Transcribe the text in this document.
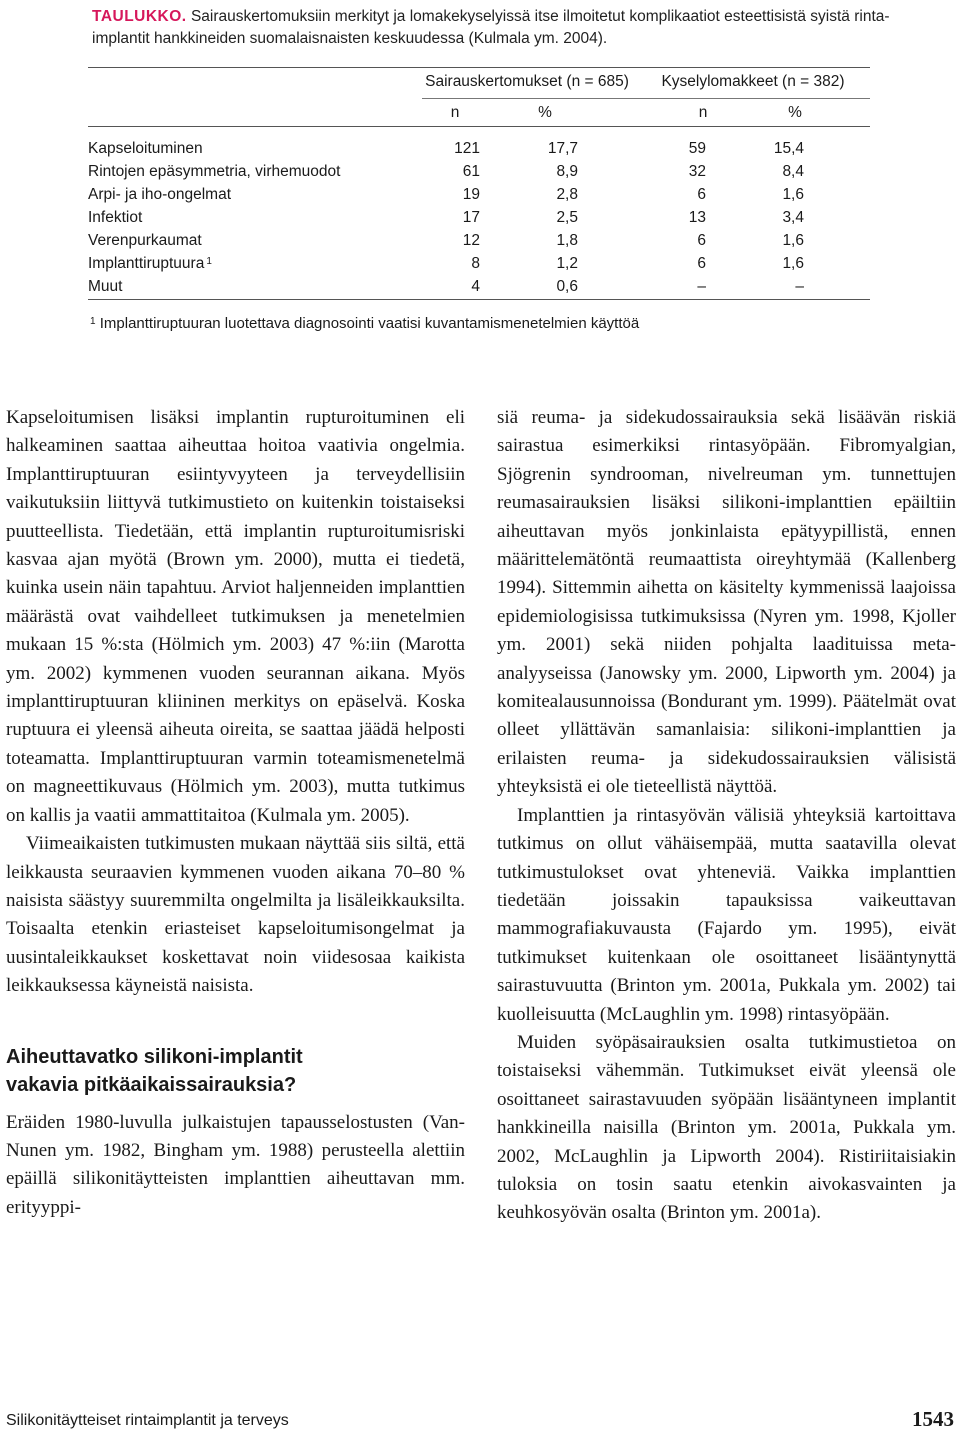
TAULUKKO. Sairauskertomuksiin merkityt ja lomakekyselyissä itse ilmoitetut komplikaatiot esteettisistä syistä rinta-implantit hankkineiden suomalaisnaisten keskuudessa (Kulmala ym. 2004).
Sairauskertomukset (n = 685)	Kyselylomakkeet (n = 382)
n	%	n	%
Kapseloituminen	121	17,7	59	15,4
Rintojen epäsymmetria, virhemuodot	61	8,9	32	8,4
Arpi- ja iho-ongelmat	19	2,8	6	1,6
Infektiot	17	2,5	13	3,4
Verenpurkaumat	12	1,8	6	1,6
Implanttiruptuura $^1$	8	1,2	6	1,6
Muut	4	0,6	–	–
$^1$ Implanttiruptuuran luotettava diagnosointi vaatisi kuvantamismenetelmien käyttöä

Kapseloitumisen lisäksi implantin rupturoituminen eli halkeaminen saattaa aiheuttaa hoitoa vaativia ongelmia. Implanttiruptuuran esiintyvyyteen ja terveydellisiin vaikutuksiin liittyvä tutkimustieto on kuitenkin toistaiseksi puutteellista. Tiedetään, että implantin rupturoitumisriski kasvaa ajan myötä (Brown ym. 2000), mutta ei tiedetä, kuinka usein näin tapahtuu. Arviot haljenneiden implanttien määrästä ovat vaihdelleet tutkimuksen ja menetelmien mukaan 15 %:sta (Hölmich ym. 2003) 47 %:iin (Marotta ym. 2002) kymmenen vuoden seurannan aikana. Myös implanttiruptuuran kliininen merkitys on epäselvä. Koska ruptuura ei yleensä aiheuta oireita, se saattaa jäädä helposti toteamatta. Implanttiruptuuran varmin toteamismenetelmä on magneettikuvaus (Hölmich ym. 2003), mutta tutkimus on kallis ja vaatii ammattitaitoa (Kulmala ym. 2005).

Viimeaikaisten tutkimusten mukaan näyttää siis siltä, että leikkausta seuraavien kymmenen vuoden aikana 70–80 % naisista säästyy suuremmilta ongelmilta ja lisäleikkauksilta. Toisaalta etenkin eriasteiset kapseloitumisongelmat ja uusintaleikkaukset koskettavat noin viidesosaa kaikista leikkauksessa käyneistä naisista.

Aiheuttavatko silikoni-implantit
vakavia pitkäaikaissairauksia?

Eräiden 1980-luvulla julkaistujen tapausselostusten (Van-Nunen ym. 1982, Bingham ym. 1988) perusteella alettiin epäillä silikonitäytteisten implanttien aiheuttavan mm. erityyppi-

siä reuma- ja sidekudossairauksia sekä lisäävän riskiä sairastua esimerkiksi rintasyöpään. Fibromyalgian, Sjögrenin syndrooman, nivelreuman ym. tunnettujen reumasairauksien lisäksi silikoni-implanttien epäiltiin aiheuttavan myös jonkinlaista epätyypillistä, ennen määrittelemätöntä reumaattista oireyhtymää (Kallenberg 1994). Sittemmin aihetta on käsitelty kymmenissä laajoissa epidemiologisissa tutkimuksissa (Nyren ym. 1998, Kjoller ym. 2001) sekä niiden pohjalta laadituissa meta-analyyseissa (Janowsky ym. 2000, Lipworth ym. 2004) ja komitealausunnoissa (Bondurant ym. 1999). Päätelmät ovat olleet yllättävän samanlaisia: silikoni-implanttien ja erilaisten reuma- ja sidekudossairauksien välisistä yhteyksistä ei ole tieteellistä näyttöä.

Implanttien ja rintasyövän välisiä yhteyksiä kartoittava tutkimus on ollut vähäisempää, mutta saatavilla olevat tutkimustulokset ovat yhteneviä. Vaikka implanttien tiedetään joissakin tapauksissa vaikeuttavan mammografiakuvausta (Fajardo ym. 1995), eivät tutkimukset kuitenkaan ole osoittaneet lisääntynyttä sairastuvuutta (Brinton ym. 2001a, Pukkala ym. 2002) tai kuolleisuutta (McLaughlin ym. 1998) rintasyöpään.

Muiden syöpäsairauksien osalta tutkimustietoa on toistaiseksi vähemmän. Tutkimukset eivät yleensä ole osoittaneet sairastavuuden syöpään lisääntyneen implantit hankkineilla naisilla (Brinton ym. 2001a, Pukkala ym. 2002, McLaughlin ja Lipworth 2004). Ristiriitaisiakin tuloksia on tosin saatu etenkin aivokasvainten ja keuhkosyövän osalta (Brinton ym. 2001a).

Silikonitäytteiset rintaimplantit ja terveys	1543
